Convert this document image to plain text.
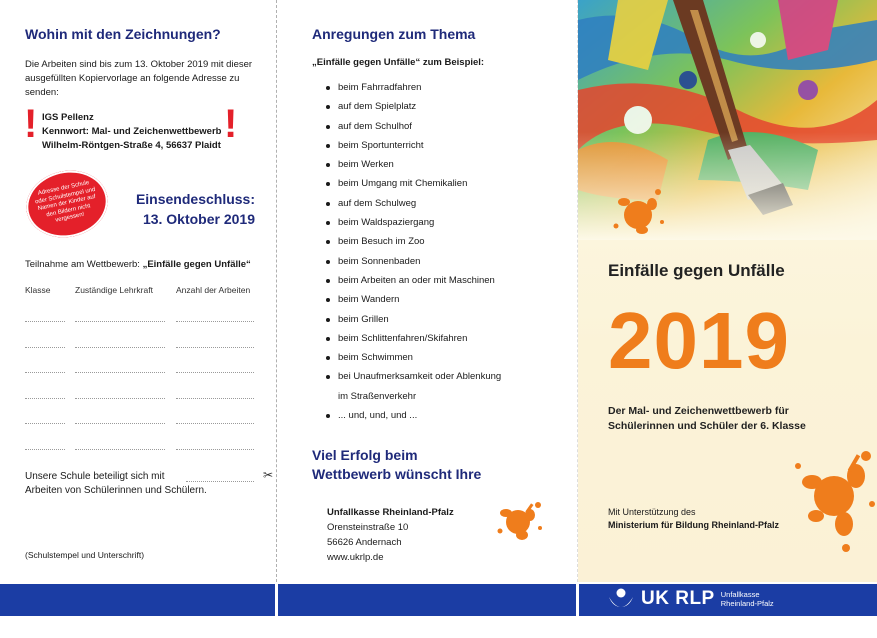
Wohin mit den Zeichnungen?
Die Arbeiten sind bis zum 13. Oktober 2019 mit dieser ausgefüllten Kopiervorlage an folgende Adresse zu senden:
! IGS Pellenz
Kennwort: Mal- und Zeichenwettbewerb
Wilhelm-Röntgen-Straße 4, 56637 Plaidt !
Adresse der Schule oder Schulstempel und Namen der Kinder auf den Bildern nicht vergessen!
Einsendeschluss:
13. Oktober 2019
Teilnahme am Wettbewerb: „Einfälle gegen Unfälle“
Klasse	Zuständige Lehrkraft	Anzahl der Arbeiten
Unsere Schule beteiligt sich mit
Arbeiten von Schülerinnen und Schülern.
✂
(Schulstempel und Unterschrift)
Anregungen zum Thema
„Einfälle gegen Unfälle“ zum Beispiel:
beim Fahrradfahren
auf dem Spielplatz
auf dem Schulhof
beim Sportunterricht
beim Werken
beim Umgang mit Chemikalien
auf dem Schulweg
beim Waldspaziergang
beim Besuch im Zoo
beim Sonnenbaden
beim Arbeiten an oder mit Maschinen
beim Wandern
beim Grillen
beim Schlittenfahren/Skifahren
beim Schwimmen
bei Unaufmerksamkeit oder Ablenkung
im Straßenverkehr
... und, und, und ...
Viel Erfolg beim
Wettbewerb wünscht Ihre
Unfallkasse Rheinland-Pfalz
Orensteinstraße 10
56626 Andernach
www.ukrlp.de
Einfälle gegen Unfälle
2019
Der Mal- und Zeichenwettbewerb für
Schülerinnen und Schüler der 6. Klasse
Mit Unterstützung des
Ministerium für Bildung Rheinland-Pfalz
UK RLP Unfallkasse
Rheinland-Pfalz
